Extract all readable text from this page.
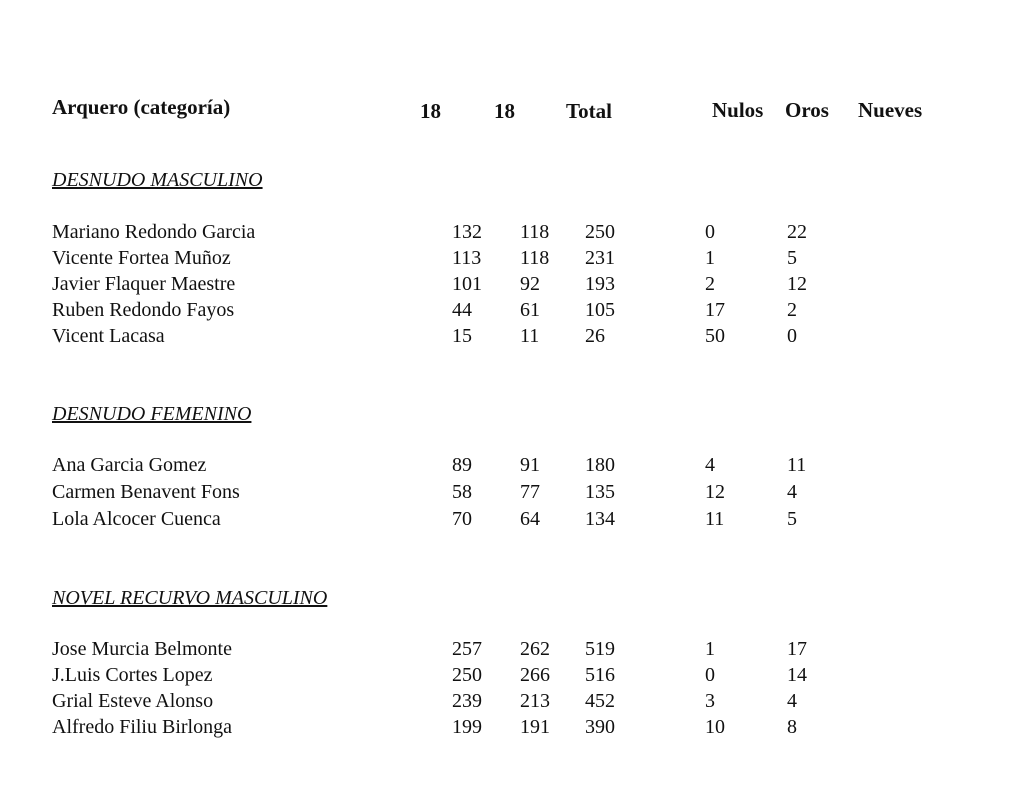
Arquero (categoría)	18	18 Total	Nulos Oros Nueves
DESNUDO MASCULINO
Mariano Redondo Garcia	132 118 250	0	22
Vicente Fortea Muñoz	113 118 231	1	5
Javier Flaquer Maestre	101 92 193	2	12
Ruben Redondo Fayos	44 61 105	17	2
Vicent Lacasa	15 11 26	50	0
DESNUDO FEMENINO
Ana Garcia Gomez	89 91 180	4	11
Carmen Benavent Fons	58 77 135	12	4
Lola Alcocer Cuenca	70 64 134	11	5
NOVEL RECURVO MASCULINO
Jose Murcia Belmonte	257 262 519	1	17
J.Luis Cortes Lopez	250 266 516	0	14
Grial Esteve Alonso	239 213 452	3	4
Alfredo Filiu Birlonga	199 191 390	10	8
